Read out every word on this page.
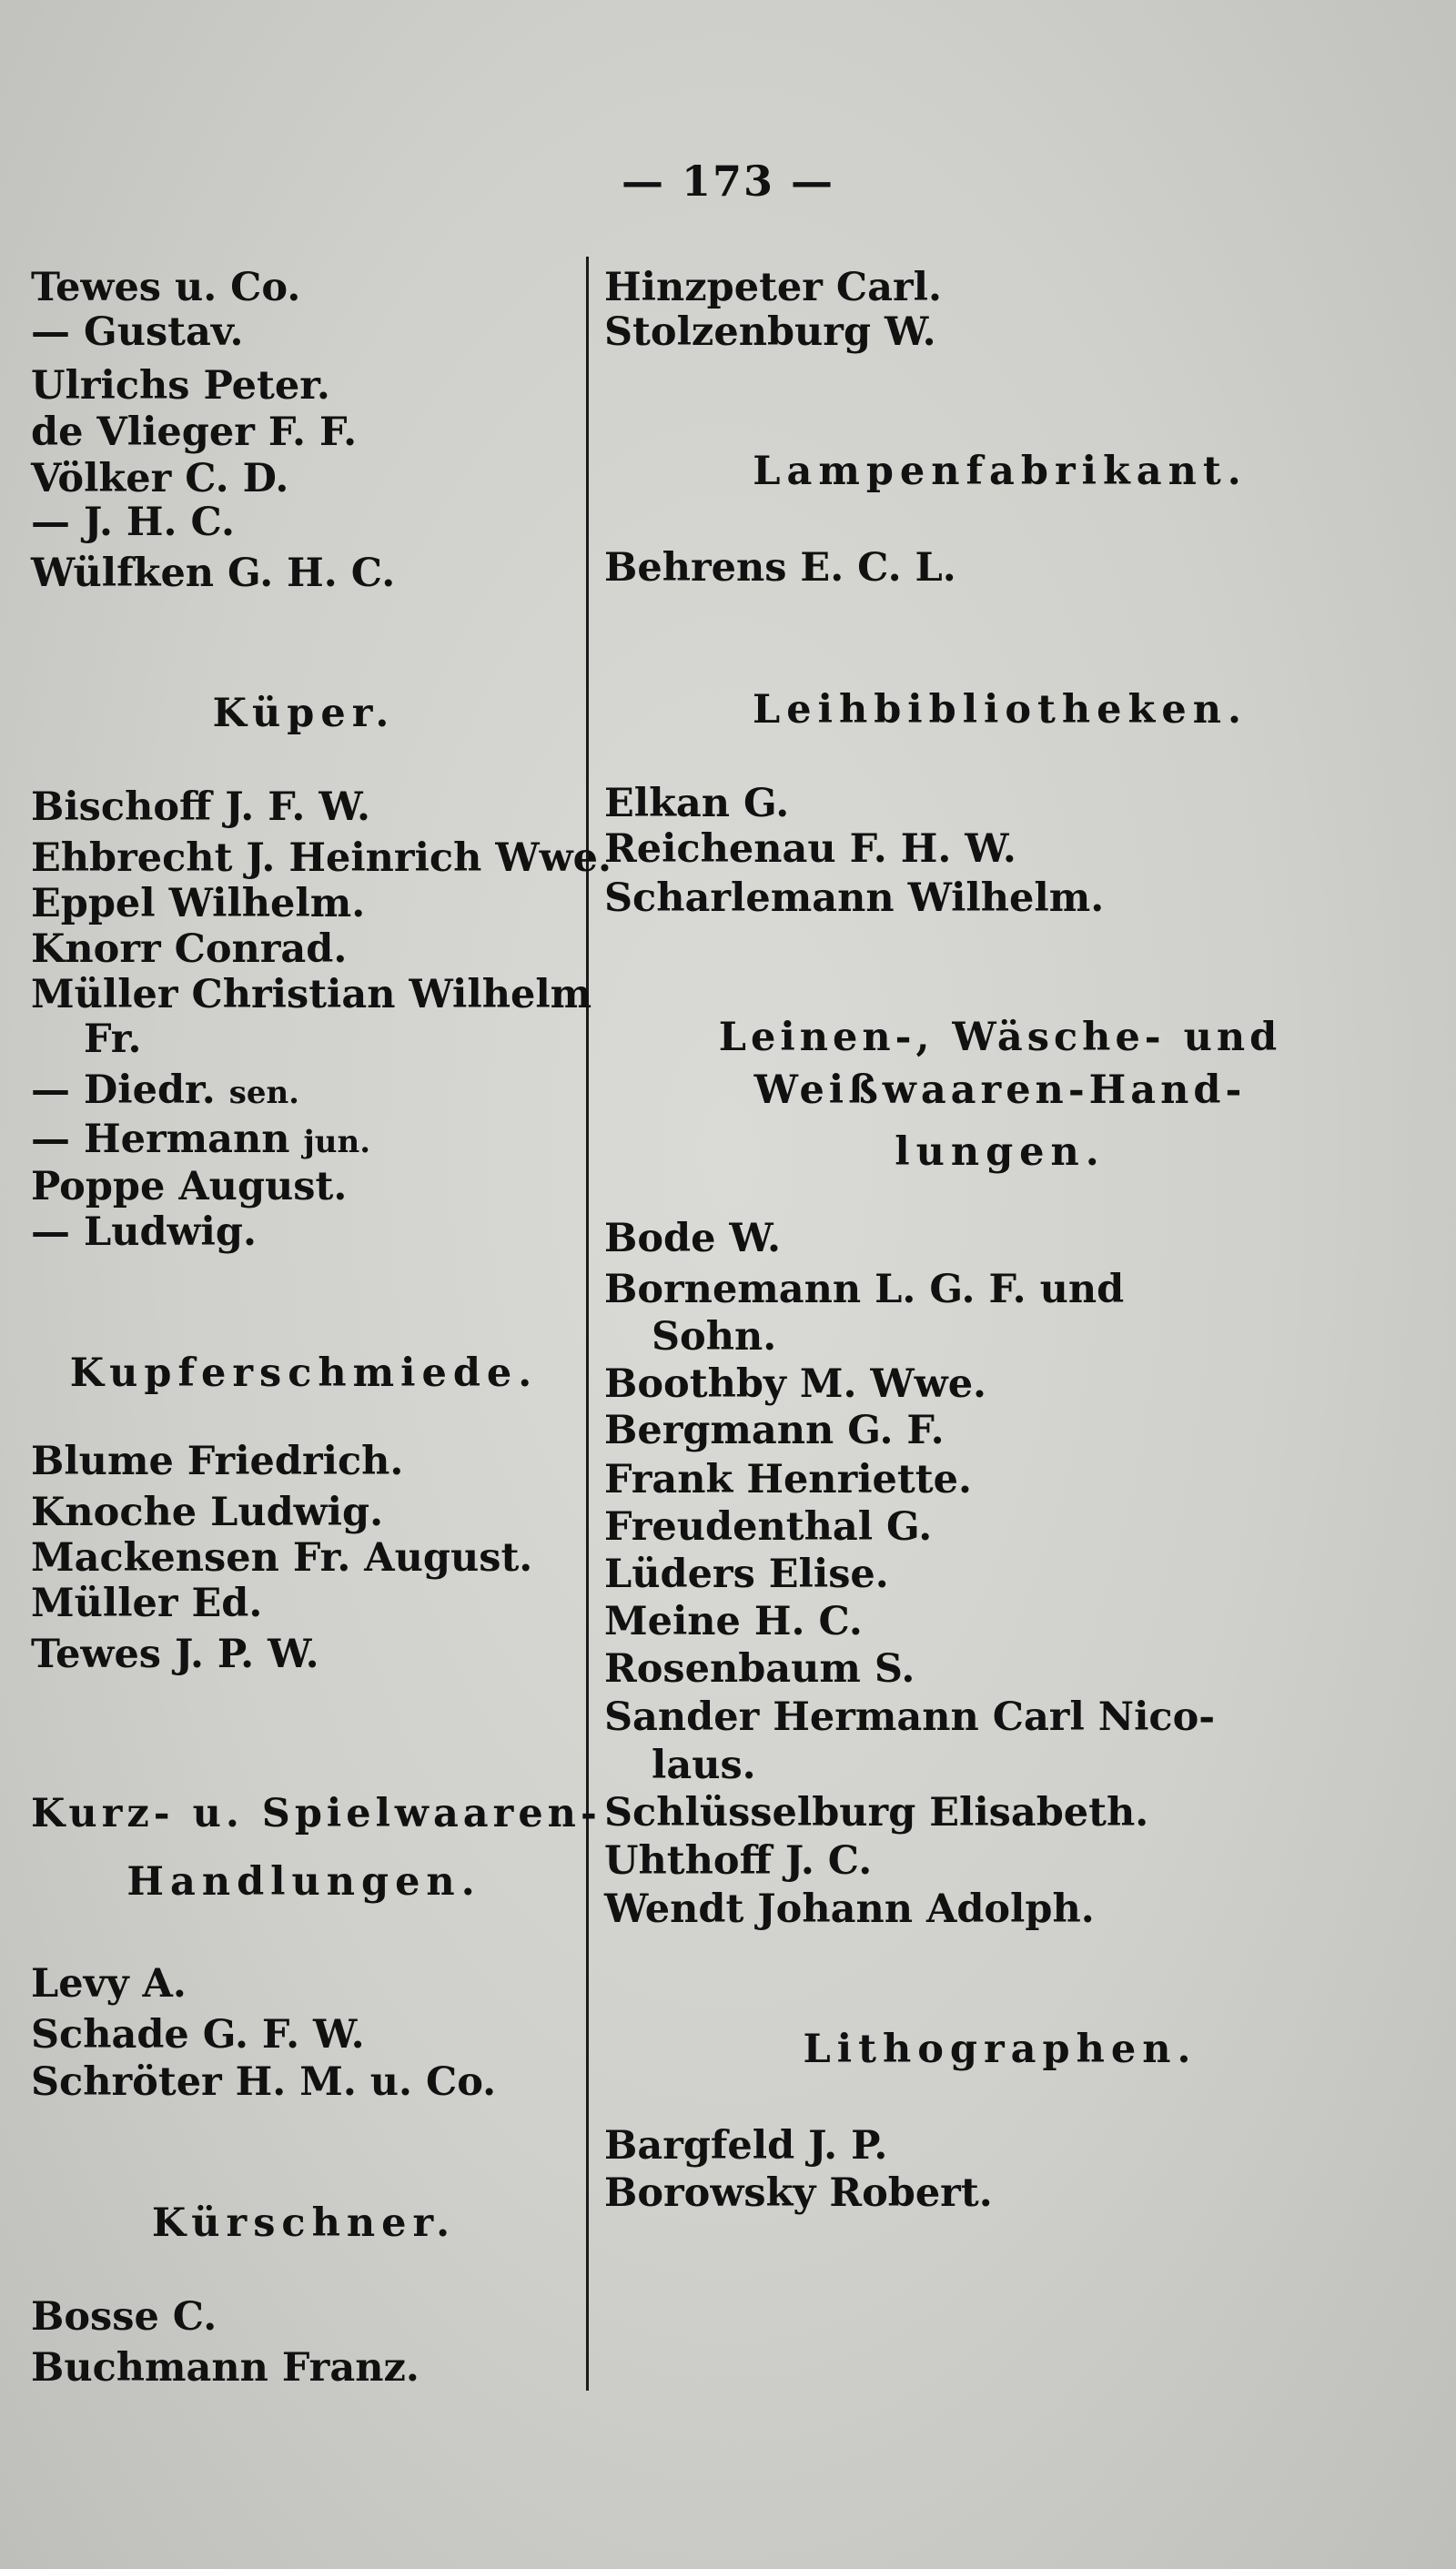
— 173 —
Tewes u. Co.
— Gustav.
Ulrichs Peter.
de Vlieger F. F.
Völker C. D.
— J. H. C.
Wülfken G. H. C.
Küper.
Bischoff J. F. W.
Ehbrecht J. Heinrich Wwe.
Eppel Wilhelm.
Knorr Conrad.
Müller Christian Wilhelm
Fr.
— Diedr. sen.
— Hermann jun.
Poppe August.
— Ludwig.
Kupferschmiede.
Blume Friedrich.
Knoche Ludwig.
Mackensen Fr. August.
Müller Ed.
Tewes J. P. W.
Kurz- u. Spielwaaren-
Handlungen.
Levy A.
Schade G. F. W.
Schröter H. M. u. Co.
Kürschner.
Bosse C.
Buchmann Franz.
Hinzpeter Carl.
Stolzenburg W.
Lampenfabrikant.
Behrens E. C. L.
Leihbibliotheken.
Elkan G.
Reichenau F. H. W.
Scharlemann Wilhelm.
Leinen-, Wäsche- und
Weißwaaren-Hand-
lungen.
Bode W.
Bornemann L. G. F. und
Sohn.
Boothby M. Wwe.
Bergmann G. F.
Frank Henriette.
Freudenthal G.
Lüders Elise.
Meine H. C.
Rosenbaum S.
Sander Hermann Carl Nico-
laus.
Schlüsselburg Elisabeth.
Uhthoff J. C.
Wendt Johann Adolph.
Lithographen.
Bargfeld J. P.
Borowsky Robert.
